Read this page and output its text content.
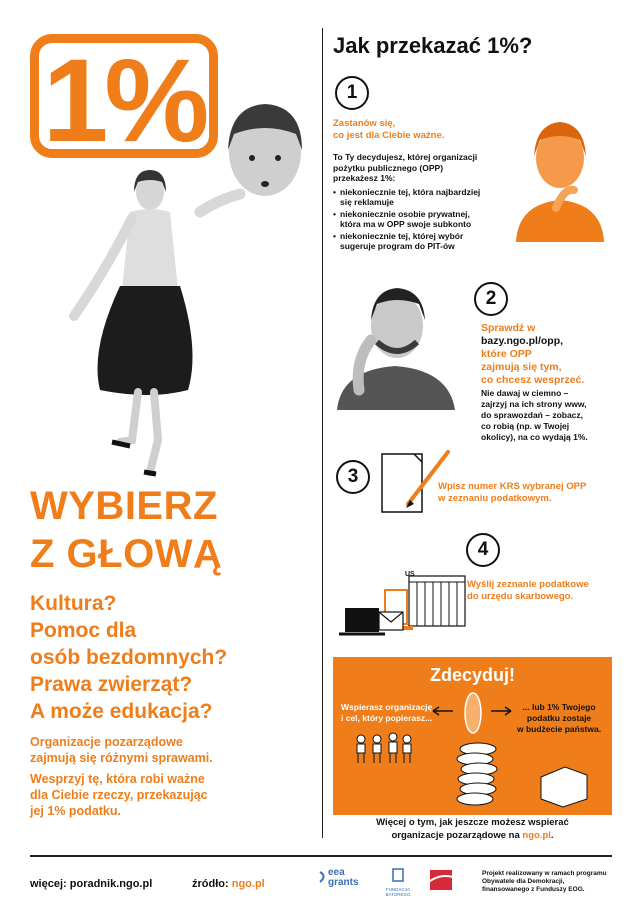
1%
WYBIERZ
Z GŁOWĄ
Kultura?
Pomoc dla
osób bezdomnych?
Prawa zwierząt?
A może edukacja?
Organizacje pozarządowe
zajmują się różnymi sprawami.
Wesprzyj tę, która robi ważne
dla Ciebie rzeczy, przekazując
jej 1% podatku.
Jak przekazać 1%?
1
Zastanów się,
co jest dla Ciebie ważne.
To Ty decydujesz, której organizacji
pożytku publicznego (OPP)
przekażesz 1%:
• niekoniecznie tej, która najbardziej
się reklamuje
• niekoniecznie osobie prywatnej,
która ma w OPP swoje subkonto
• niekoniecznie tej, której wybór
sugeruje program do PIT-ów
2
Sprawdź w
bazy.ngo.pl/opp,
które OPP
zajmują się tym,
co chcesz wesprzeć.
Nie dawaj w ciemno –
zajrzyj na ich strony www,
do sprawozdań – zobacz,
co robią (np. w Twojej
okolicy), na co wydają 1%.
3	Wpisz numer KRS wybranej OPP
w zeznaniu podatkowym.
4
US
Wyślij zeznanie podatkowe
do urzędu skarbowego.
Zdecyduj!
Wspierasz organizację
i cel, który popierasz...
... lub 1% Twojego
podatku zostaje
w budżecie państwa.
Więcej o tym, jak jeszcze możesz wspierać
organizacje pozarządowe na ngo.pl.
więcej: poradnik.ngo.pl	źródło: ngo.pl
eea
grants
FUNDACJA
BATOREGO
Projekt realizowany w ramach programu
Obywatele dla Demokracji,
finansowanego z Funduszy EOG.
